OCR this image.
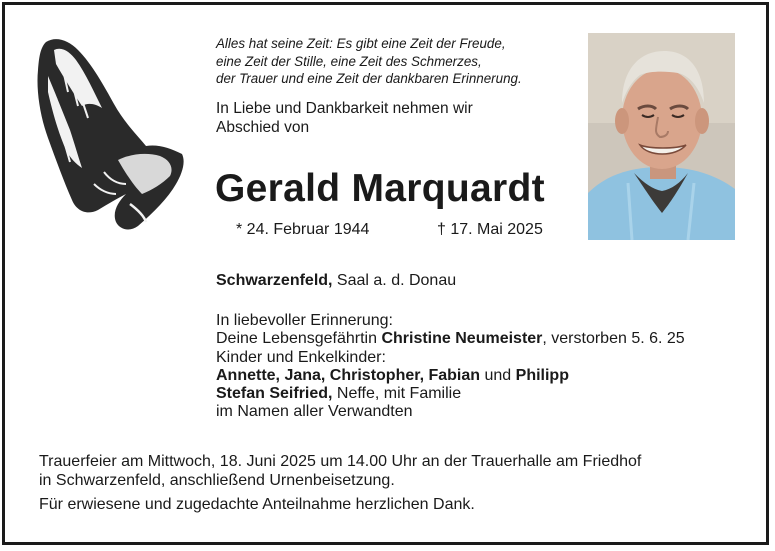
Alles hat seine Zeit: Es gibt eine Zeit der Freude,
eine Zeit der Stille, eine Zeit des Schmerzes,
der Trauer und eine Zeit der dankbaren Erinnerung.
In Liebe und Dankbarkeit nehmen wir
Abschied von
Gerald Marquardt
* 24. Februar 1944	† 17. Mai 2025
Schwarzenfeld, Saal a. d. Donau
In liebevoller Erinnerung:
Deine Lebensgefährtin Christine Neumeister, verstorben 5. 6. 25
Kinder und Enkelkinder:
Annette, Jana, Christopher, Fabian und Philipp
Stefan Seifried, Neffe, mit Familie
im Namen aller Verwandten
Trauerfeier am Mittwoch, 18. Juni 2025 um 14.00 Uhr an der Trauerhalle am Friedhof
in Schwarzenfeld, anschließend Urnenbeisetzung.
Für erwiesene und zugedachte Anteilnahme herzlichen Dank.
